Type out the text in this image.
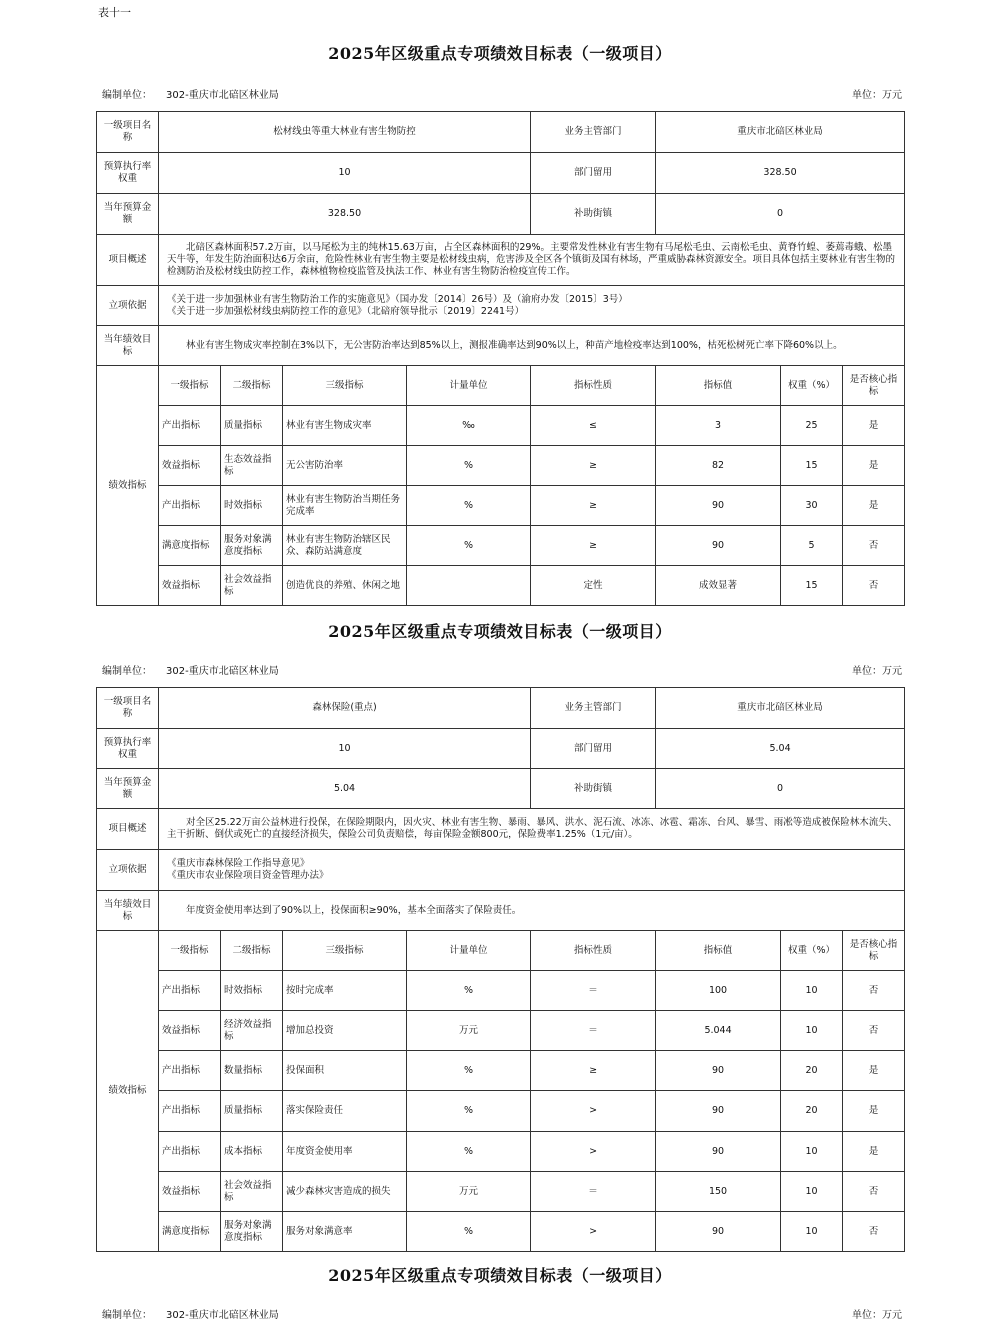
表十一
2025年区级重点专项绩效目标表（一级项目）
编制单位： 302-重庆市北碚区林业局	单位：万元
一级项目名称	松材线虫等重大林业有害生物防控				业务主管部门	重庆市北碚区林业局		
预算执行率权重	10				部门留用	328.50		
当年预算金额	328.50				补助街镇	0		
项目概述	北碚区森林面积57.2万亩，以马尾松为主的纯林15.63万亩，占全区森林面积的29%。主要常发性林业有害生物有马尾松毛虫、云南松毛虫、黄脊竹蝗、萎蔫毒蛾、松墨天牛等，年发生防治面积达6万余亩，危险性林业有害生物主要是松材线虫病，危害涉及全区各个镇街及国有林场，严重威胁森林资源安全。项目具体包括主要林业有害生物的检测防治及松材线虫防控工作，森林植物检疫监管及执法工作、林业有害生物防治检疫宣传工作。							

立项依据	《关于进一步加强林业有害生物防治工作的实施意见》（国办发〔2014〕26号）及（渝府办发〔2015〕3号）
《关于进一步加强松材线虫病防控工作的意见》（北碚府领导批示〔2019〕2241号）							

当年绩效目标	林业有害生物成灾率控制在3%以下，无公害防治率达到85%以上，测报准确率达到90%以上，种苗产地检疫率达到100%，枯死松树死亡率下降60%以上。							

绩效指标	一级指标	二级指标	三级指标	计量单位	指标性质	指标值	权重（%）	是否核心指标
	产出指标	质量指标	林业有害生物成灾率	‰	≤	3	25	是
	效益指标	生态效益指标	无公害防治率	%	≥	82	15	是
	产出指标	时效指标	林业有害生物防治当期任务完成率	%	≥	90	30	是
	满意度指标	服务对象满意度指标	林业有害生物防治辖区民众、森防站满意度	%	≥	90	5	否
	效益指标	社会效益指标	创造优良的养殖、休闲之地		定性	成效显著	15	否
2025年区级重点专项绩效目标表（一级项目）
编制单位： 302-重庆市北碚区林业局	单位：万元
一级项目名称	森林保险(重点)				业务主管部门	重庆市北碚区林业局		
预算执行率权重	10				部门留用	5.04		
当年预算金额	5.04				补助街镇	0		
项目概述	对全区25.22万亩公益林进行投保，在保险期限内，因火灾、林业有害生物、暴雨、暴风、洪水、泥石流、冰冻、冰雹、霜冻、台风、暴雪、雨凇等造成被保险林木流失、主干折断、倒伏或死亡的直接经济损失，保险公司负责赔偿，每亩保险金额800元，保险费率1.25%（1元/亩）。							

立项依据	《重庆市森林保险工作指导意见》
《重庆市农业保险项目资金管理办法》							

当年绩效目标	年度资金使用率达到了90%以上，投保面积≥90%，基本全面落实了保险责任。							

绩效指标	一级指标	二级指标	三级指标	计量单位	指标性质	指标值	权重（%）	是否核心指标
	产出指标	时效指标	按时完成率	%	＝	100	10	否
	效益指标	经济效益指标	增加总投资	万元	＝	5.044	10	否
	产出指标	数量指标	投保面积	%	≥	90	20	是
	产出指标	质量指标	落实保险责任	%	>	90	20	是
	产出指标	成本指标	年度资金使用率	%	>	90	10	是
	效益指标	社会效益指标	减少森林灾害造成的损失	万元	＝	150	10	否
	满意度指标	服务对象满意度指标	服务对象满意率	%	>	90	10	否
2025年区级重点专项绩效目标表（一级项目）
编制单位： 302-重庆市北碚区林业局	单位：万元
